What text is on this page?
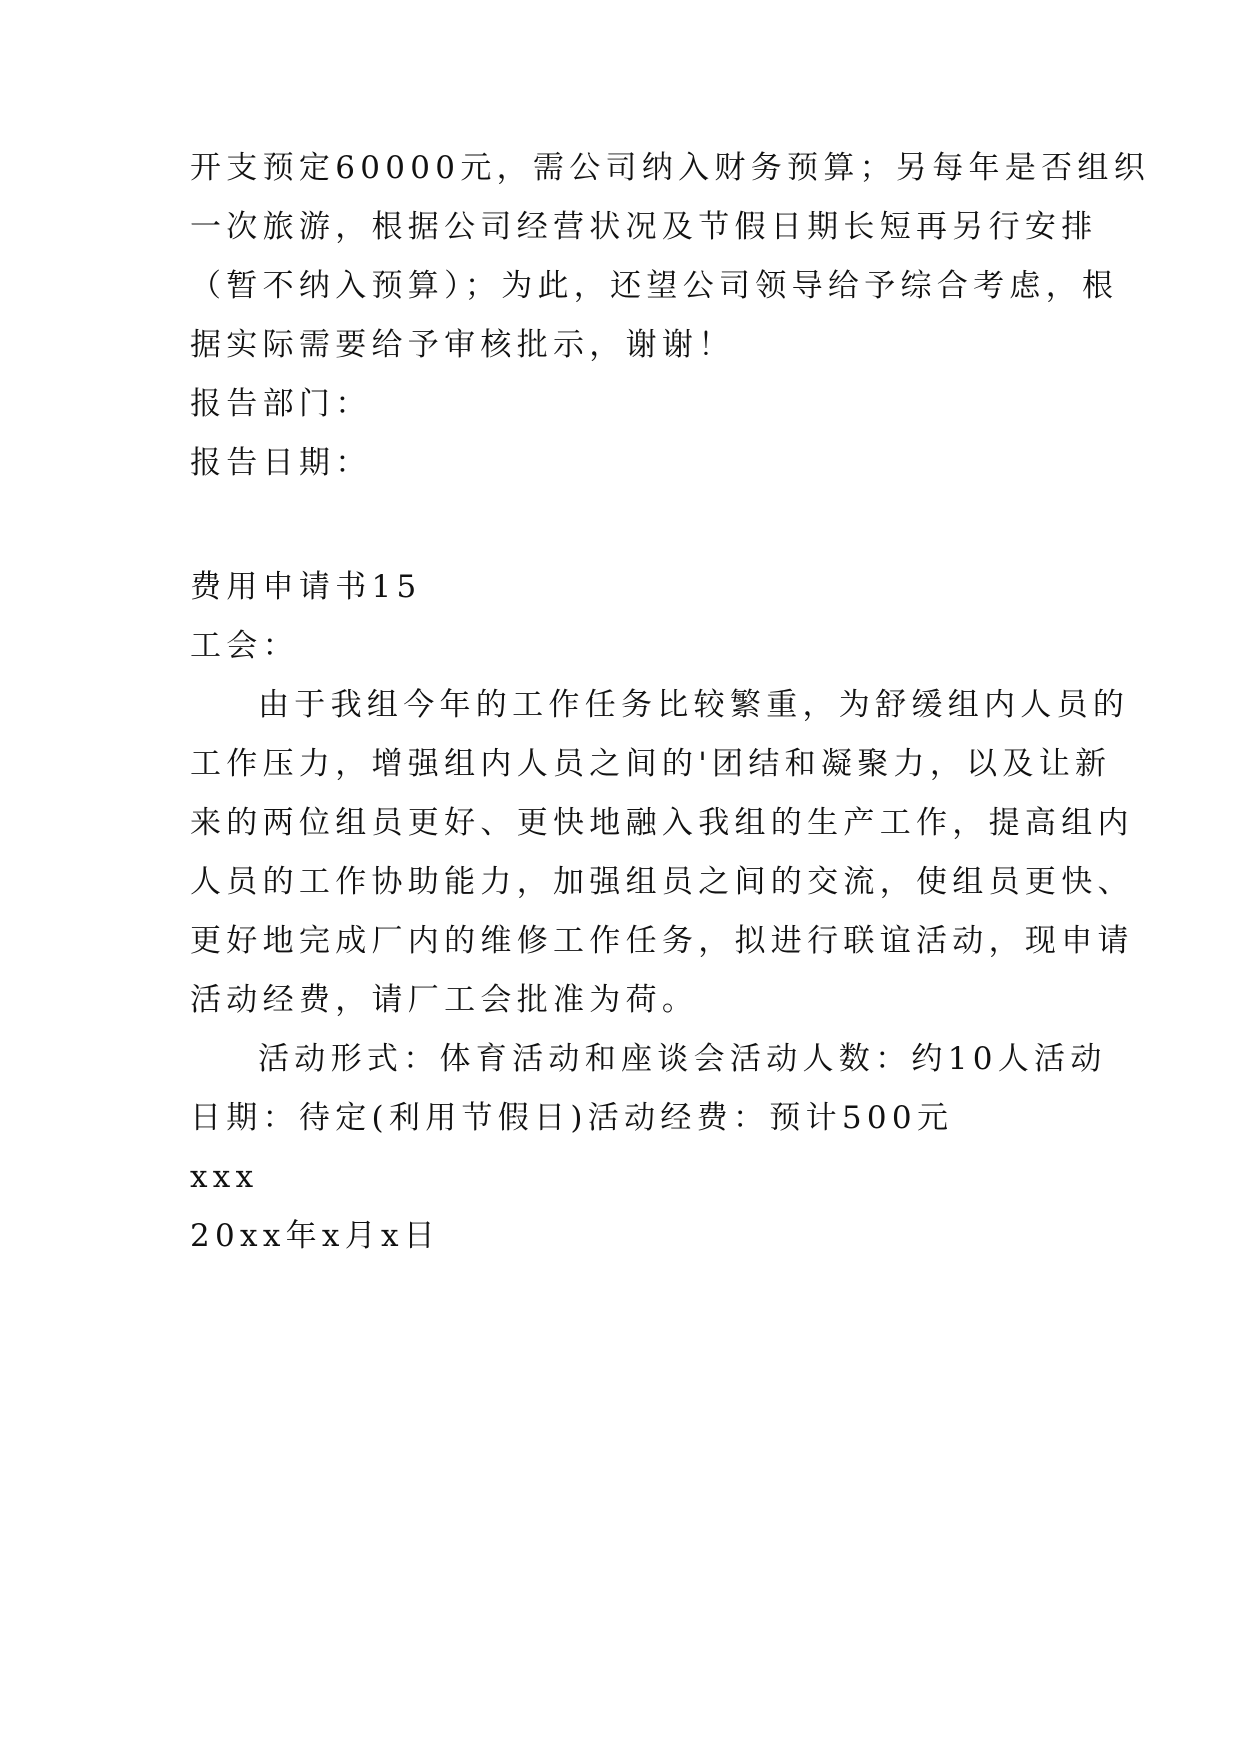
开支预定60000元，需公司纳入财务预算；另每年是否组织
一次旅游，根据公司经营状况及节假日期长短再另行安排
（暂不纳入预算）；为此，还望公司领导给予综合考虑，根
据实际需要给予审核批示，谢谢！
报告部门：
报告日期：
费用申请书15
工会：
由于我组今年的工作任务比较繁重，为舒缓组内人员的
工作压力，增强组内人员之间的'团结和凝聚力，以及让新
来的两位组员更好、更快地融入我组的生产工作，提高组内
人员的工作协助能力，加强组员之间的交流，使组员更快、
更好地完成厂内的维修工作任务，拟进行联谊活动，现申请
活动经费，请厂工会批准为荷。
活动形式：体育活动和座谈会活动人数：约10人活动
日期：待定(利用节假日)活动经费：预计500元
xxx
20xx年x月x日
